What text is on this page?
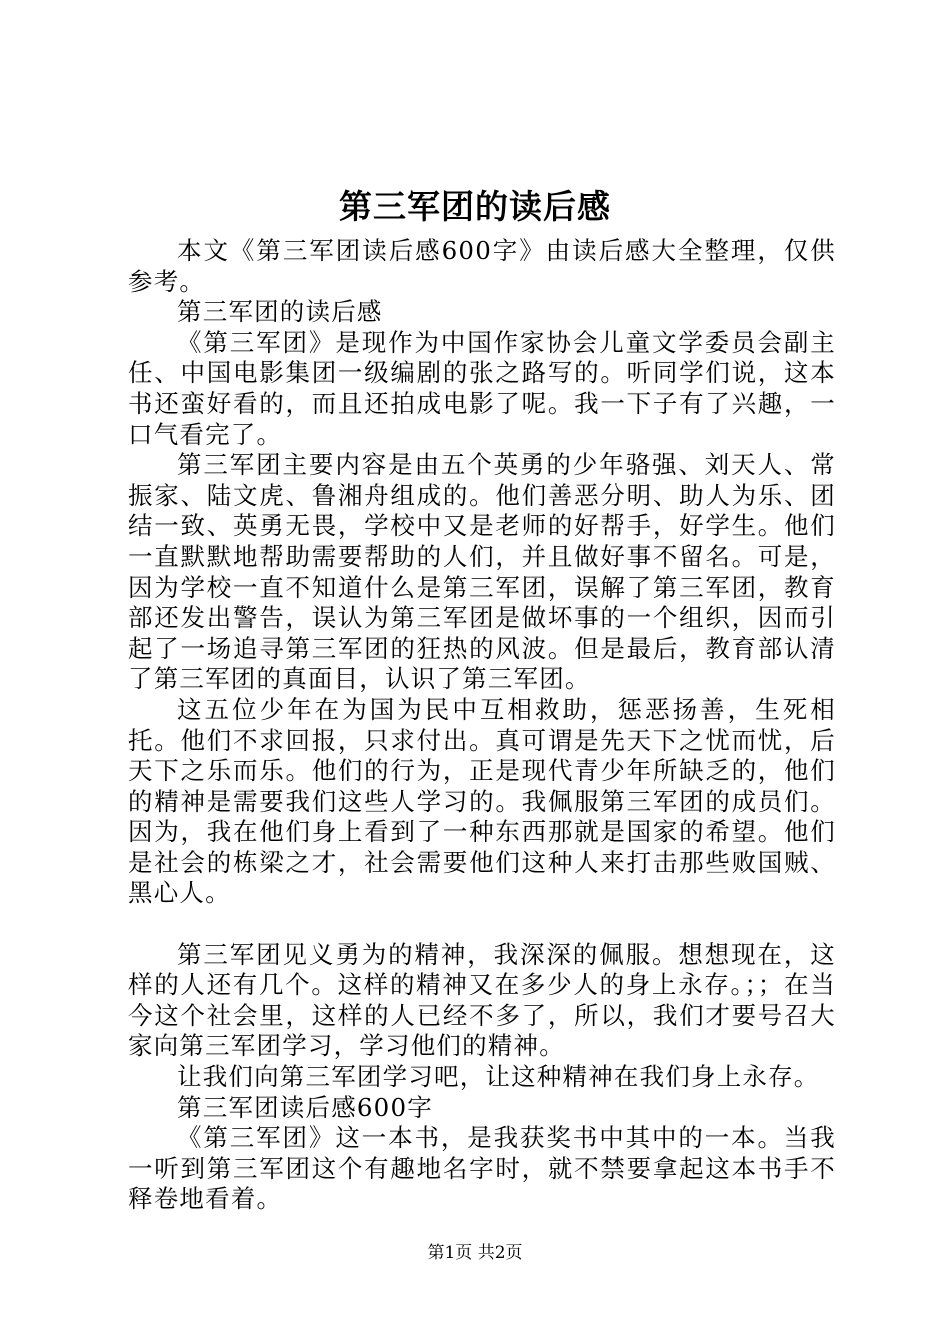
第三军团的读后感

本文《第三军团读后感600字》由读后感大全整理，仅供参考。

第三军团的读后感

《第三军团》是现作为中国作家协会儿童文学委员会副主任、中国电影集团一级编剧的张之路写的。听同学们说，这本书还蛮好看的，而且还拍成电影了呢。我一下子有了兴趣，一口气看完了。

第三军团主要内容是由五个英勇的少年骆强、刘天人、常振家、陆文虎、鲁湘舟组成的。他们善恶分明、助人为乐、团结一致、英勇无畏，学校中又是老师的好帮手，好学生。他们一直默默地帮助需要帮助的人们，并且做好事不留名。可是，因为学校一直不知道什么是第三军团，误解了第三军团，教育部还发出警告，误认为第三军团是做坏事的一个组织，因而引起了一场追寻第三军团的狂热的风波。但是最后，教育部认清了第三军团的真面目，认识了第三军团。

这五位少年在为国为民中互相救助，惩恶扬善，生死相托。他们不求回报，只求付出。真可谓是先天下之忧而忧，后天下之乐而乐。他们的行为，正是现代青少年所缺乏的，他们的精神是需要我们这些人学习的。我佩服第三军团的成员们。因为，我在他们身上看到了一种东西那就是国家的希望。他们是社会的栋梁之才，社会需要他们这种人来打击那些败国贼、黑心人。

第三军团见义勇为的精神，我深深的佩服。想想现在，这样的人还有几个。这样的精神又在多少人的身上永存。；；在当今这个社会里，这样的人已经不多了，所以，我们才要号召大家向第三军团学习，学习他们的精神。

让我们向第三军团学习吧，让这种精神在我们身上永存。

第三军团读后感600字

《第三军团》这一本书，是我获奖书中其中的一本。当我一听到第三军团这个有趣地名字时，就不禁要拿起这本书手不释卷地看着。

第1页 共2页
